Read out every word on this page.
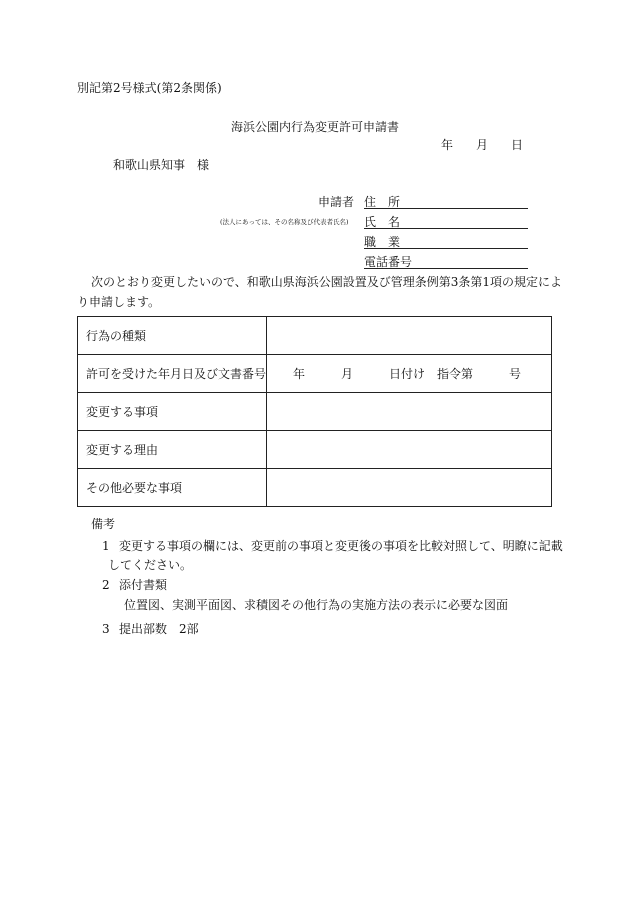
別記第2号様式(第2条関係)
海浜公園内行為変更許可申請書
年 月 日
和歌山県知事　様
申請者
(法人にあっては、その名称及び代表者氏名)
住　所
氏　名
職　業
電話番号
次のとおり変更したいので、和歌山県海浜公園設置及び管理条例第3条第1項の規定によ
り申請します。
行為の種類	
許可を受けた年月日及び文書番号	年 月 日付け　指令第 号

変更する事項	
変更する理由	
その他必要な事項	
備考
1 変更する事項の欄には、変更前の事項と変更後の事項を比較対照して、明瞭に記載
してください。
2 添付書類
位置図、実測平面図、求積図その他行為の実施方法の表示に必要な図面
3 提出部数　2部
